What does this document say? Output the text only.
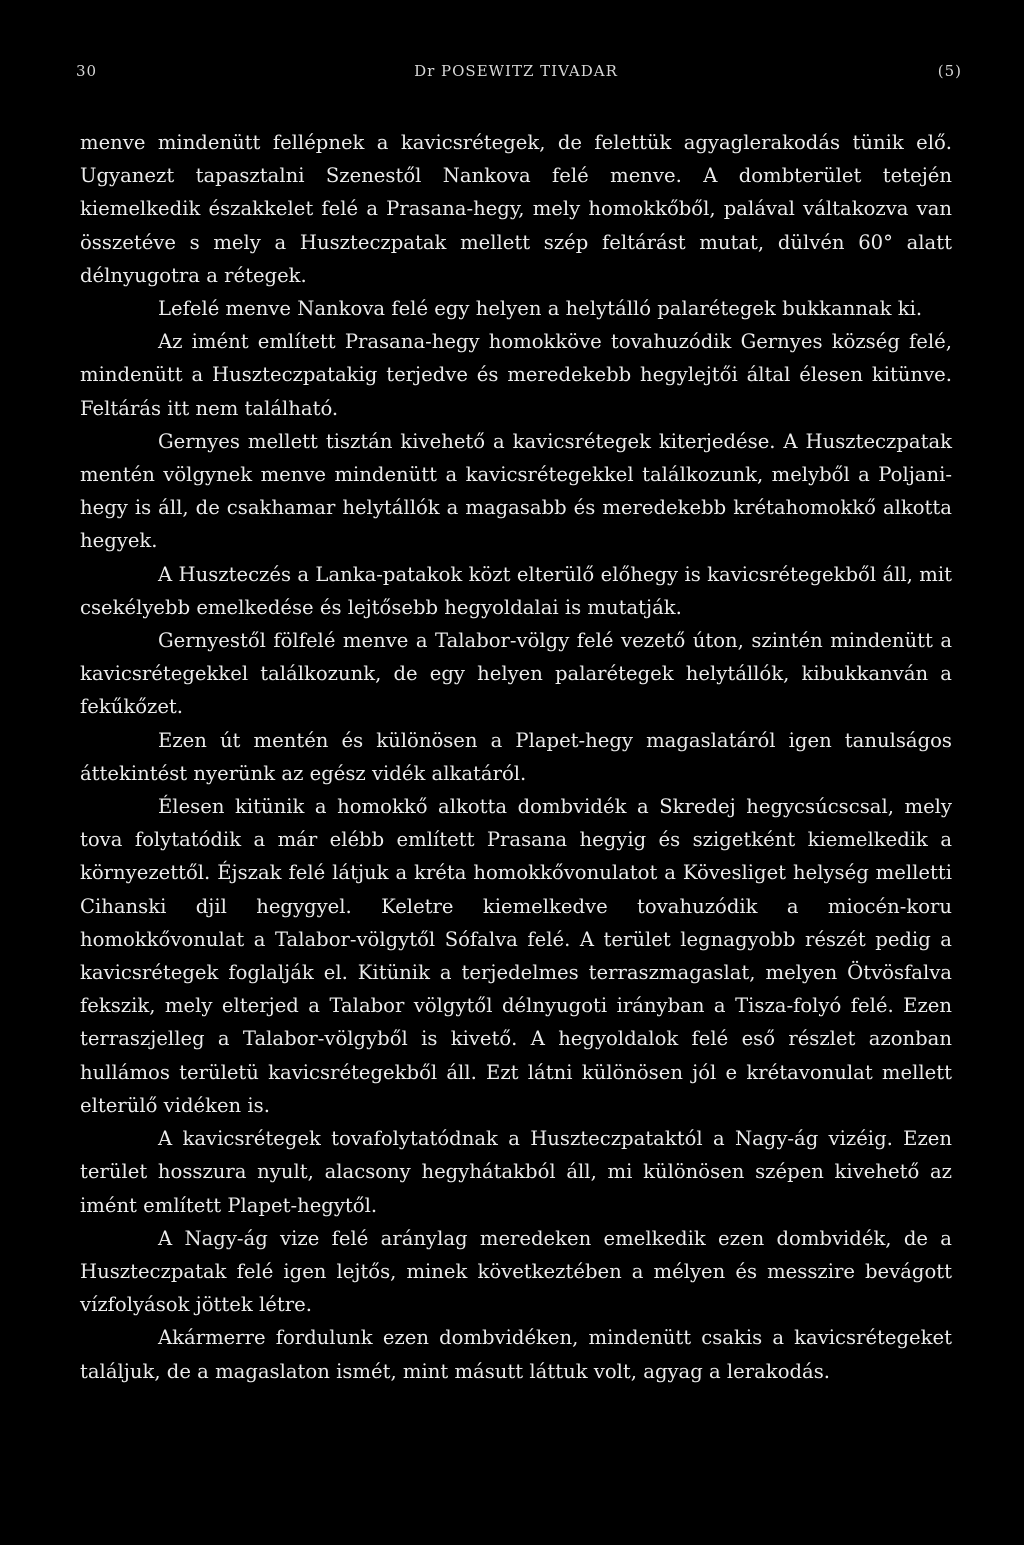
30	Dr POSEWITZ TIVADAR	(5)

menve mindenütt fellépnek a kavicsrétegek, de felettük agyaglerakodás tünik elő. Ugyanezt tapasztalni Szenestől Nankova felé menve. A dombterület tetején kiemelkedik északkelet felé a Prasana-hegy, mely homokkőből, palával váltakozva van összetéve s mely a Huszteczpatak mellett szép feltárást mutat, dülvén 60° alatt délnyugotra a rétegek.

Lefelé menve Nankova felé egy helyen a helytálló palarétegek bukkannak ki.

Az imént említett Prasana-hegy homokköve tovahuzódik Gernyes község felé, mindenütt a Huszteczpatakig terjedve és meredekebb hegylejtői által élesen kitünve. Feltárás itt nem található.

Gernyes mellett tisztán kivehető a kavicsrétegek kiterjedése. A Huszteczpatak mentén völgynek menve mindenütt a kavicsrétegekkel találkozunk, melyből a Poljani-hegy is áll, de csakhamar helytállók a magasabb és meredekebb krétahomokkő alkotta hegyek.

A Huszteczés a Lanka-patakok közt elterülő előhegy is kavicsrétegekből áll, mit csekélyebb emelkedése és lejtősebb hegyoldalai is mutatják.

Gernyestől fölfelé menve a Talabor-völgy felé vezető úton, szintén mindenütt a kavicsrétegekkel találkozunk, de egy helyen palarétegek helytállók, kibukkanván a fekűkőzet.

Ezen út mentén és különösen a Plapet-hegy magaslatáról igen tanulságos áttekintést nyerünk az egész vidék alkatáról.

Élesen kitünik a homokkő alkotta dombvidék a Skredej hegycsúcscsal, mely tova folytatódik a már elébb említett Prasana hegyig és szigetként kiemelkedik a környezettől. Éjszak felé látjuk a kréta homokkővonulatot a Kövesliget helység melletti Cihanski djil hegygyel. Keletre kiemelkedve tovahuzódik a miocén-koru homokkővonulat a Talabor-völgytől Sófalva felé. A terület legnagyobb részét pedig a kavicsrétegek foglalják el. Kitünik a terjedelmes terraszmagaslat, melyen Ötvösfalva fekszik, mely elterjed a Talabor völgytől délnyugoti irányban a Tisza-folyó felé. Ezen terraszjelleg a Talabor-völgyből is kivető. A hegyoldalok felé eső részlet azonban hullámos területü kavicsrétegekből áll. Ezt látni különösen jól e krétavonulat mellett elterülő vidéken is.

A kavicsrétegek tovafolytatódnak a Huszteczpataktól a Nagy-ág vizéig. Ezen terület hosszura nyult, alacsony hegyhátakból áll, mi különösen szépen kivehető az imént említett Plapet-hegytől.

A Nagy-ág vize felé aránylag meredeken emelkedik ezen dombvidék, de a Huszteczpatak felé igen lejtős, minek következtében a mélyen és messzire bevágott vízfolyások jöttek létre.

Akármerre fordulunk ezen dombvidéken, mindenütt csakis a kavicsrétegeket találjuk, de a magaslaton ismét, mint másutt láttuk volt, agyag a lerakodás.
